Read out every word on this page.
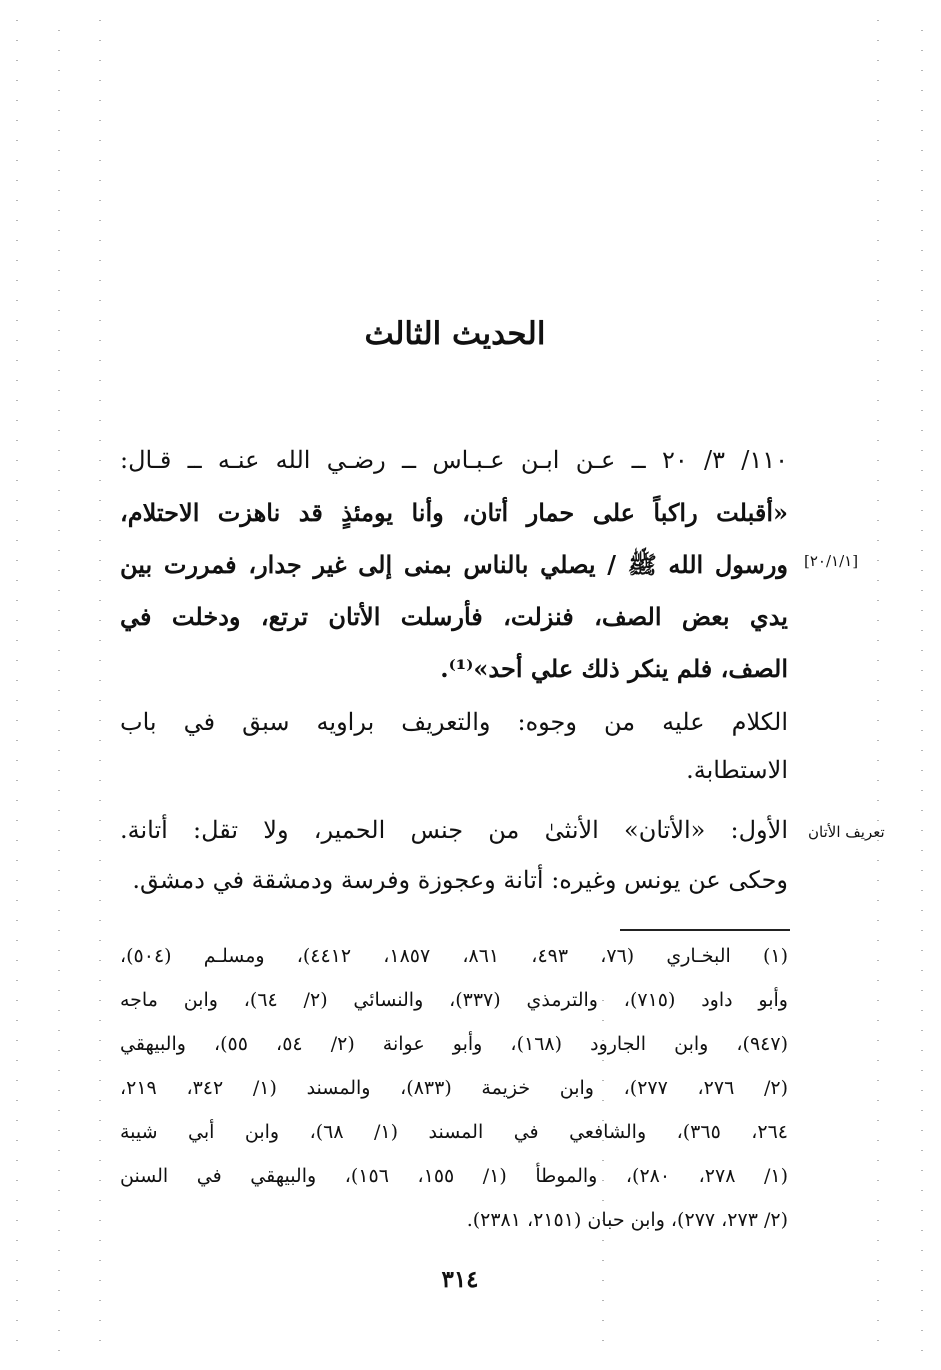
الحديث الثالث
[٢٠/١/١]
١١٠/ ٣/ ٢٠ ــ عـن ابـن عـبـاس ــ رضـي الله عنـه ــ قـال:
«أقبلت راكباً على حمار أتان، وأنا يومئذٍ قد ناهزت الاحتلام،
ورسول الله ﷺ / يصلي بالناس بمنى إلى غير جدار، فمررت بين
يدي بعض الصف، فنزلت، فأرسلت الأتان ترتع، ودخلت في
الصف، فلم ينكر ذلك علي أحد»⁽¹⁾.
الكلام عليه من وجوه: والتعريف براويه سبق في باب
الاستطابة.
تعريف الأتان
الأول: «الأتان» الأنثىٰ من جنس الحمير، ولا تقل: أتانة.
وحكى عن يونس وغيره: أتانة وعجوزة وفرسة ودمشقة في دمشق.
(١) البخـاري (٧٦، ٤٩٣، ٨٦١، ١٨٥٧، ٤٤١٢)، ومسلـم (٥٠٤)،
وأبو داود (٧١٥)، والترمذي (٣٣٧)، والنسائي (٢/ ٦٤)، وابن ماجه
(٩٤٧)، وابن الجارود (١٦٨)، وأبو عوانة (٢/ ٥٤، ٥٥)، والبيهقي
(٢/ ٢٧٦، ٢٧٧)، وابن خزيمة (٨٣٣)، والمسند (١/ ٣٤٢، ٢١٩،
٢٦٤، ٣٦٥)، والشافعي في المسند (١/ ٦٨)، وابن أبي شيبة
(١/ ٢٧٨، ٢٨٠)، والموطأ (١/ ١٥٥، ١٥٦)، والبيهقي في السنن
(٢/ ٢٧٣، ٢٧٧)، وابن حبان (٢١٥١، ٢٣٨١).
٣١٤
